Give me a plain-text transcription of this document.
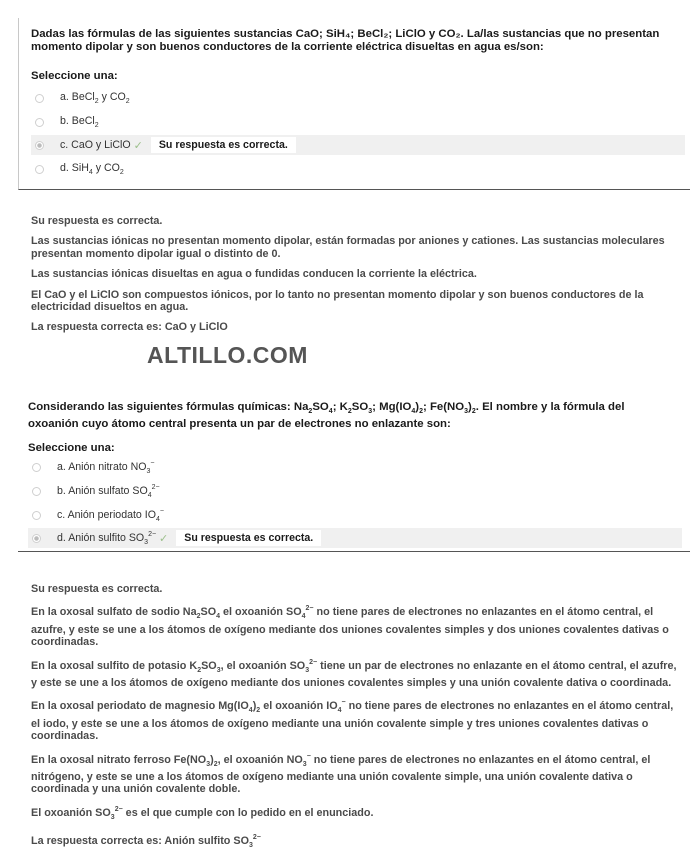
Dadas las fórmulas de las siguientes sustancias CaO; SiH₄; BeCl₂; LiClO y CO₂. La/las sustancias que no presentan momento dipolar y son buenos conductores de la corriente eléctrica disueltas en agua es/son:
Seleccione una:
a. BeCl$_2$ y $CO_2$
b. BeCl$_2$
c. CaO y LiClO ✓	Su respuesta es correcta.
d. SiH$_4$ y $CO_2$

Su respuesta es correcta.

Las sustancias iónicas no presentan momento dipolar, están formadas por aniones y cationes. Las sustancias moleculares presentan momento dipolar igual o distinto de 0.

Las sustancias iónicas disueltas en agua o fundidas conducen la corriente la eléctrica.

El CaO y el LiClO son compuestos iónicos, por lo tanto no presentan momento dipolar y son buenos conductores de la electricidad disueltos en agua.

La respuesta correcta es: CaO y LiClO

ALTILLO.COM
Considerando las siguientes fórmulas químicas: $Na_2SO_4$; $K_2SO_3$; $Mg(IO_4)_2$; $Fe(NO_3)_2$. El nombre y la fórmula del oxoanión cuyo átomo central presenta un par de electrones no enlazante son:
Seleccione una:
a. Anión nitrato $NO_3^-$
b. Anión sulfato $SO_4^{2-}$
c. Anión periodato $IO_4^-$
d. Anión sulfito $SO_3^{2-}$ ✓	Su respuesta es correcta.

Su respuesta es correcta.

En la oxosal sulfato de sodio $Na_2SO_4$ el oxoanión $SO_4^{2-}$ no tiene pares de electrones no enlazantes en el átomo central, el azufre, y este se une a los átomos de oxígeno mediante dos uniones covalentes simples y dos uniones covalentes dativas o coordinadas.

En la oxosal sulfito de potasio $K_2SO_3$, el oxoanión $SO_3^{2-}$ tiene un par de electrones no enlazante en el átomo central, el azufre, y este se une a los átomos de oxígeno mediante dos uniones covalentes simples y una unión covalente dativa o coordinada.

En la oxosal periodato de magnesio $Mg(IO_4)_2$ el oxoanión $IO_4^-$ no tiene pares de electrones no enlazantes en el átomo central, el iodo, y este se une a los átomos de oxígeno mediante una unión covalente simple y tres uniones covalentes dativas o coordinadas.

En la oxosal nitrato ferroso $Fe(NO_3)_2$, el oxoanión $NO_3^-$ no tiene pares de electrones no enlazantes en el átomo central, el nitrógeno, y este se une a los átomos de oxígeno mediante una unión covalente simple, una unión covalente dativa o coordinada y una unión covalente doble.

El oxoanión $SO_3^{2-}$ es el que cumple con lo pedido en el enunciado.

La respuesta correcta es: Anión sulfito $SO_3^{2-}$
